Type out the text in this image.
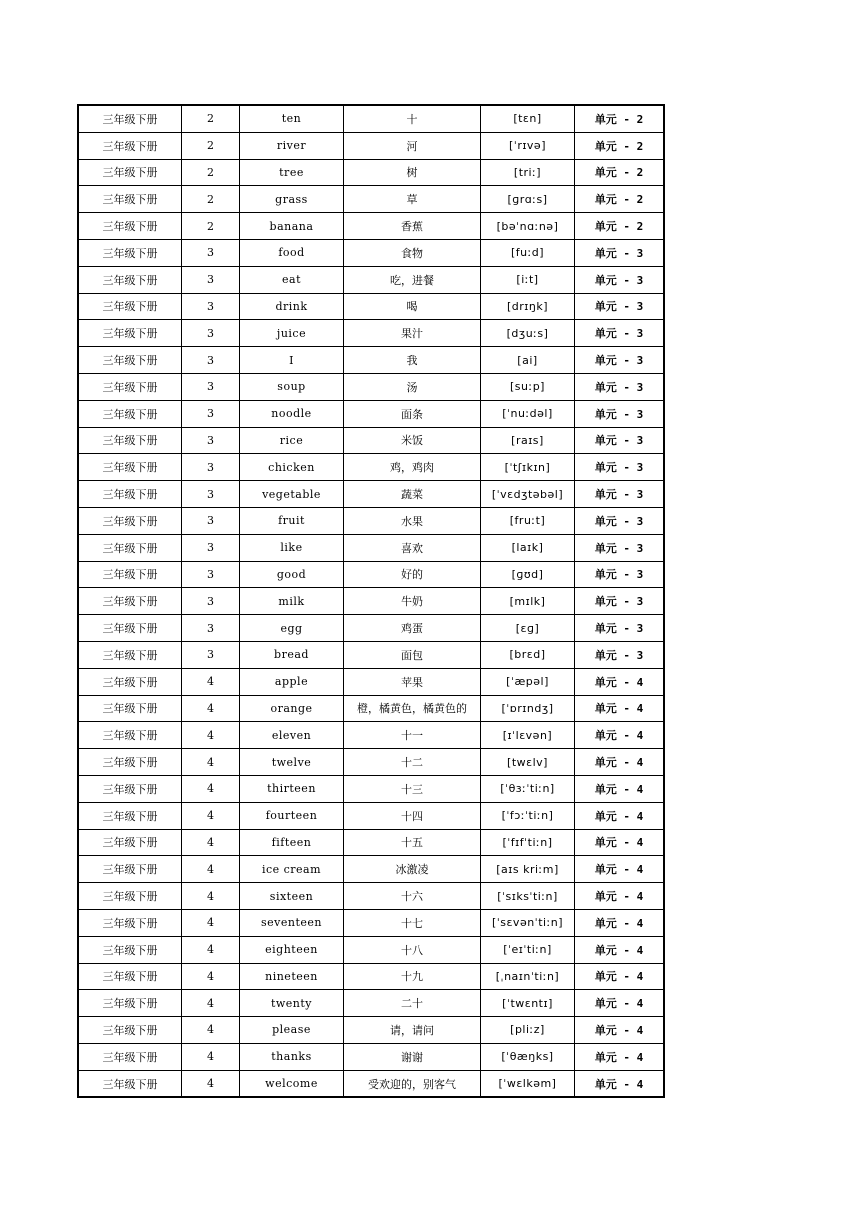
三年级下册	2	ten	十	[tɛn]	单元 - 2
三年级下册	2	river	河	[ˈrɪvə]	单元 - 2
三年级下册	2	tree	树	[triː]	单元 - 2
三年级下册	2	grass	草	[ɡrɑːs]	单元 - 2
三年级下册	2	banana	香蕉	[bəˈnɑːnə]	单元 - 2
三年级下册	3	food	食物	[fuːd]	单元 - 3
三年级下册	3	eat	吃，进餐	[iːt]	单元 - 3
三年级下册	3	drink	喝	[drɪŋk]	单元 - 3
三年级下册	3	juice	果汁	[dʒuːs]	单元 - 3
三年级下册	3	I	我	[ai]	单元 - 3
三年级下册	3	soup	汤	[suːp]	单元 - 3
三年级下册	3	noodle	面条	[ˈnuːdəl]	单元 - 3
三年级下册	3	rice	米饭	[raɪs]	单元 - 3
三年级下册	3	chicken	鸡，鸡肉	[ˈtʃɪkɪn]	单元 - 3
三年级下册	3	vegetable	蔬菜	[ˈvɛdʒtəbəl]	单元 - 3
三年级下册	3	fruit	水果	[fruːt]	单元 - 3
三年级下册	3	like	喜欢	[laɪk]	单元 - 3
三年级下册	3	good	好的	[ɡʊd]	单元 - 3
三年级下册	3	milk	牛奶	[mɪlk]	单元 - 3
三年级下册	3	egg	鸡蛋	[ɛɡ]	单元 - 3
三年级下册	3	bread	面包	[brɛd]	单元 - 3
三年级下册	4	apple	苹果	[ˈæpəl]	单元 - 4
三年级下册	4	orange	橙，橘黄色，橘黄色的	[ˈɒrɪndʒ]	单元 - 4
三年级下册	4	eleven	十一	[ɪˈlɛvən]	单元 - 4
三年级下册	4	twelve	十二	[twɛlv]	单元 - 4
三年级下册	4	thirteen	十三	[ˈθɜːˈtiːn]	单元 - 4
三年级下册	4	fourteen	十四	[ˈfɔːˈtiːn]	单元 - 4
三年级下册	4	fifteen	十五	[ˈfɪfˈtiːn]	单元 - 4
三年级下册	4	ice cream	冰激凌	[aɪs kriːm]	单元 - 4
三年级下册	4	sixteen	十六	[ˈsɪksˈtiːn]	单元 - 4
三年级下册	4	seventeen	十七	[ˈsɛvənˈtiːn]	单元 - 4
三年级下册	4	eighteen	十八	[ˈeɪˈtiːn]	单元 - 4
三年级下册	4	nineteen	十九	[ˌnaɪnˈtiːn]	单元 - 4
三年级下册	4	twenty	二十	[ˈtwɛntɪ]	单元 - 4
三年级下册	4	please	请，请问	[pliːz]	单元 - 4
三年级下册	4	thanks	谢谢	[ˈθæŋks]	单元 - 4
三年级下册	4	welcome	受欢迎的，别客气	[ˈwɛlkəm]	单元 - 4
